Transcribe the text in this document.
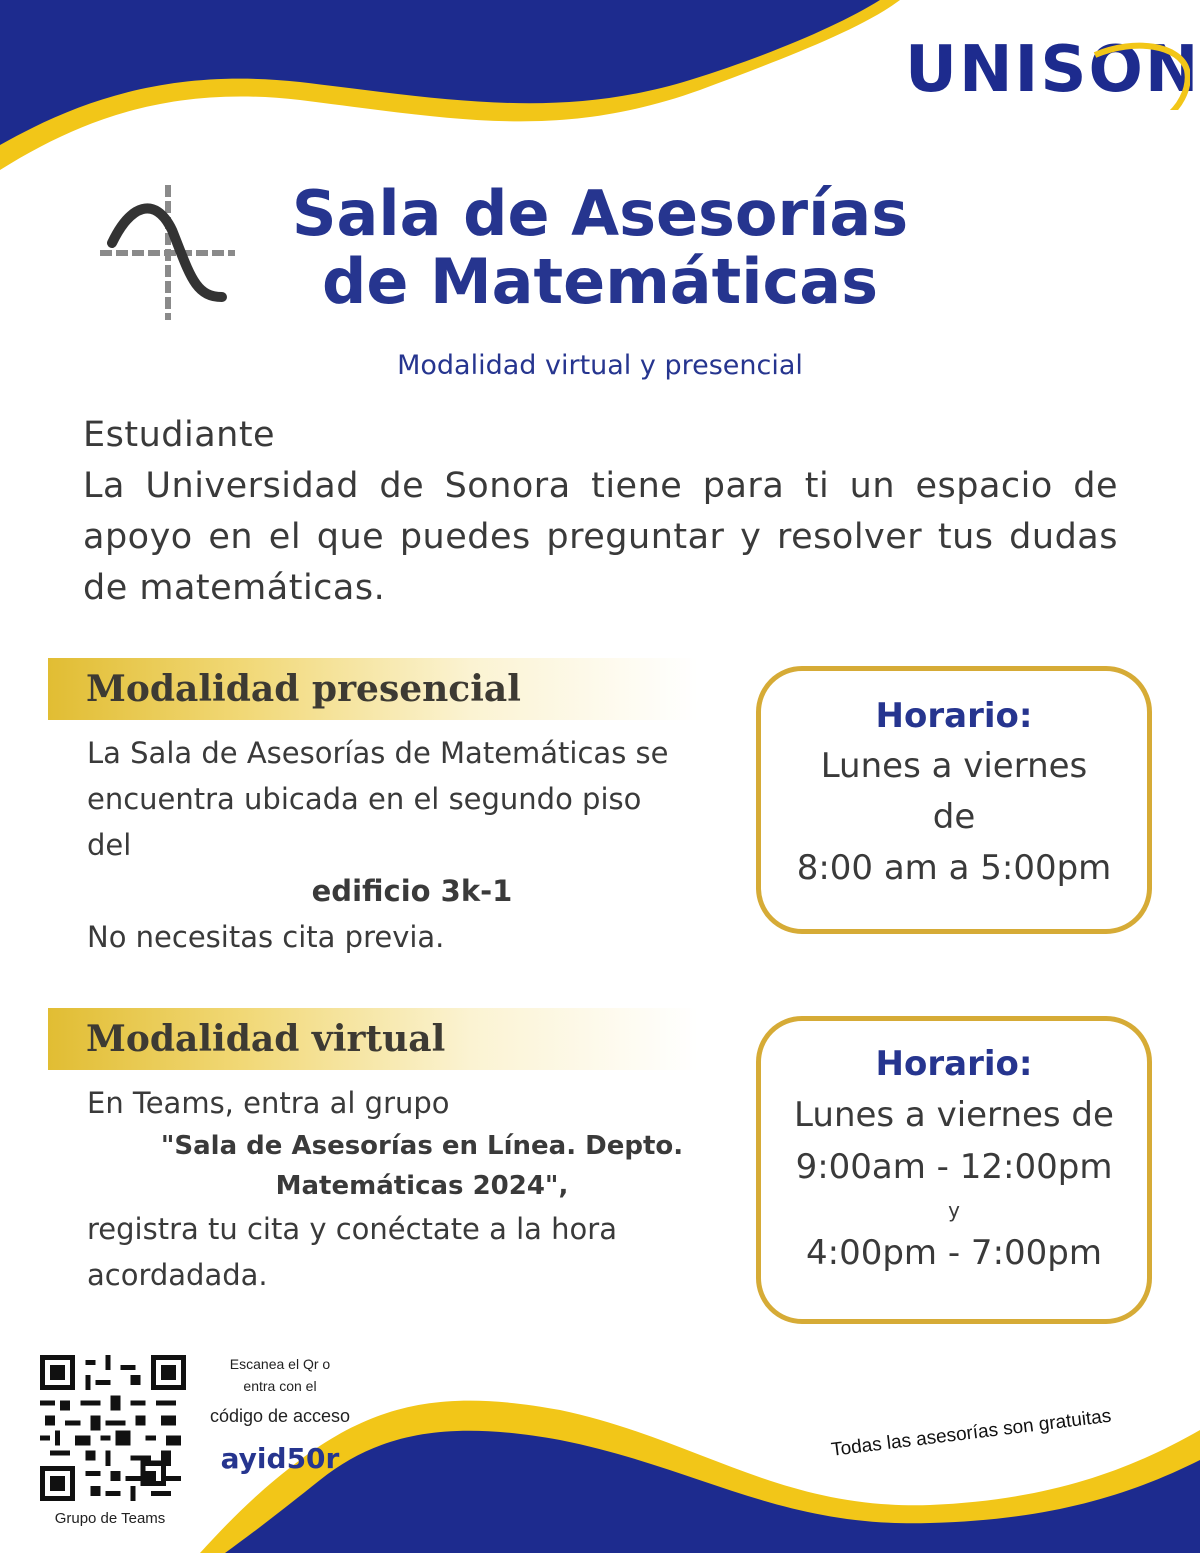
UNISON
Sala de Asesorías
de Matemáticas
Modalidad virtual y presencial
Estudiante
La Universidad de Sonora tiene para ti un espacio de
apoyo en el que puedes preguntar y resolver tus dudas
de matemáticas.
Modalidad presencial
La Sala de Asesorías de Matemáticas se
encuentra ubicada en el segundo piso
del
edificio 3k-1
No necesitas cita previa.
Horario:
Lunes a viernes
de
8:00 am a 5:00pm
Modalidad virtual
En Teams, entra al grupo
"Sala de Asesorías en Línea. Depto.
Matemáticas 2024",
registra tu cita y conéctate a la hora
acordadada.
Horario:
Lunes a viernes de
9:00am - 12:00pm
y
4:00pm - 7:00pm
Grupo de Teams
Escanea el Qr o
entra con el
código de acceso
ayid50r	Todas las asesorías son gratuitas
